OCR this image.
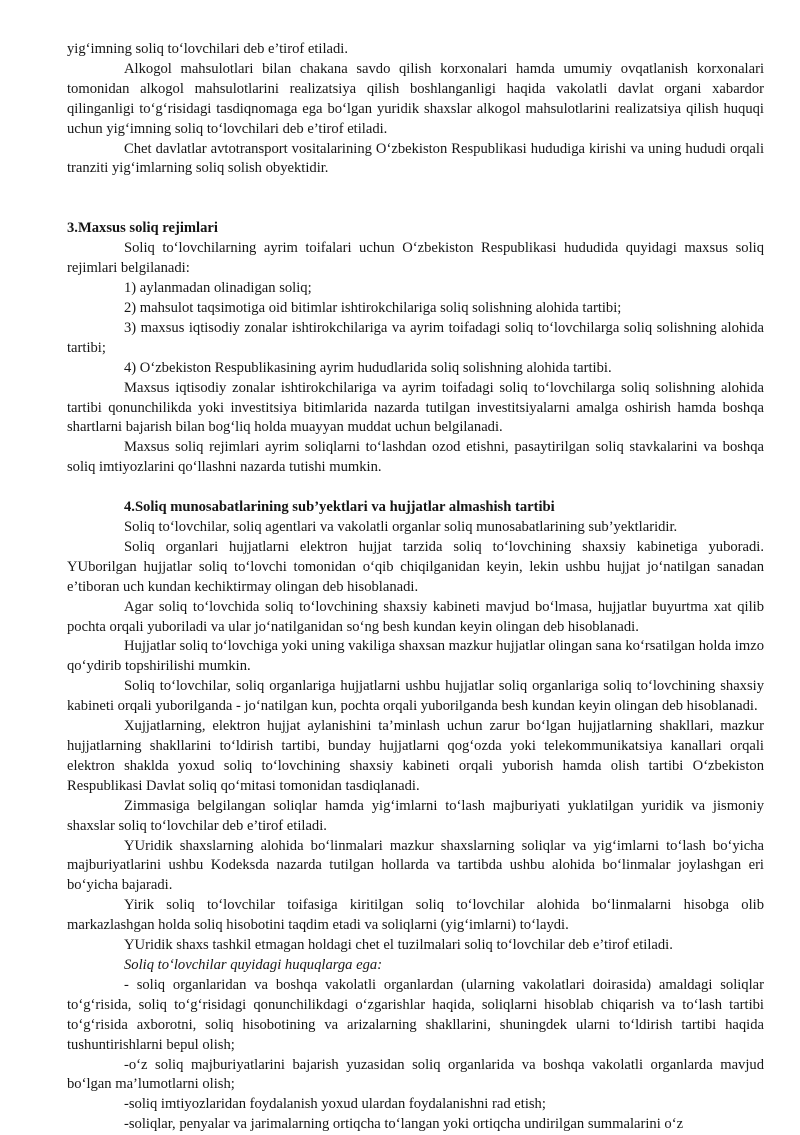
yig‘imning soliq to‘lovchilari deb e’tirof etiladi.

Alkogol mahsulotlari bilan chakana savdo qilish korxonalari hamda umumiy ovqatlanish korxonalari tomonidan alkogol mahsulotlarini realizatsiya qilish boshlanganligi haqida vakolatli davlat organi xabardor qilinganligi to‘g‘risidagi tasdiqnomaga ega bo‘lgan yuridik shaxslar alkogol mahsulotlarini realizatsiya qilish huquqi uchun yig‘imning soliq to‘lovchilari deb e’tirof etiladi.

Chet davlatlar avtotransport vositalarining O‘zbekiston Respublikasi hududiga kirishi va uning hududi orqali tranziti yig‘imlarning soliq solish obyektidir.

3.Maxsus soliq rejimlari

Soliq to‘lovchilarning ayrim toifalari uchun O‘zbekiston Respublikasi hududida quyidagi maxsus soliq rejimlari belgilanadi:

1) aylanmadan olinadigan soliq;

2) mahsulot taqsimotiga oid bitimlar ishtirokchilariga soliq solishning alohida tartibi;

3) maxsus iqtisodiy zonalar ishtirokchilariga va ayrim toifadagi soliq to‘lovchilarga soliq solishning alohida tartibi;

4) O‘zbekiston Respublikasining ayrim hududlarida soliq solishning alohida tartibi.

Maxsus iqtisodiy zonalar ishtirokchilariga va ayrim toifadagi soliq to‘lovchilarga soliq solishning alohida tartibi qonunchilikda yoki investitsiya bitimlarida nazarda tutilgan investitsiyalarni amalga oshirish hamda boshqa shartlarni bajarish bilan bog‘liq holda muayyan muddat uchun belgilanadi.

Maxsus soliq rejimlari ayrim soliqlarni to‘lashdan ozod etishni, pasaytirilgan soliq stavkalarini va boshqa soliq imtiyozlarini qo‘llashni nazarda tutishi mumkin.

4.Soliq munosabatlarining sub’yektlari va hujjatlar almashish tartibi

Soliq to‘lovchilar, soliq agentlari va vakolatli organlar soliq munosabatlarining sub’yektlaridir.

Soliq organlari hujjatlarni elektron hujjat tarzida soliq to‘lovchining shaxsiy kabinetiga yuboradi. YUborilgan hujjatlar soliq to‘lovchi tomonidan o‘qib chiqilganidan keyin, lekin ushbu hujjat jo‘natilgan sanadan e’tiboran uch kundan kechiktirmay olingan deb hisoblanadi.

Agar soliq to‘lovchida soliq to‘lovchining shaxsiy kabineti mavjud bo‘lmasa, hujjatlar buyurtma xat qilib pochta orqali yuboriladi va ular jo‘natilganidan so‘ng besh kundan keyin olingan deb hisoblanadi.

Hujjatlar soliq to‘lovchiga yoki uning vakiliga shaxsan mazkur hujjatlar olingan sana ko‘rsatilgan holda imzo qo‘ydirib topshirilishi mumkin.

Soliq to‘lovchilar, soliq organlariga hujjatlarni ushbu hujjatlar soliq organlariga soliq to‘lovchining shaxsiy kabineti orqali yuborilganda - jo‘natilgan kun, pochta orqali yuborilganda besh kundan keyin olingan deb hisoblanadi.

Xujjatlarning, elektron hujjat aylanishini ta’minlash uchun zarur bo‘lgan hujjatlarning shakllari, mazkur hujjatlarning shakllarini to‘ldirish tartibi, bunday hujjatlarni qog‘ozda yoki telekommunikatsiya kanallari orqali elektron shaklda yoxud soliq to‘lovchining shaxsiy kabineti orqali yuborish hamda olish tartibi O‘zbekiston Respublikasi Davlat soliq qo‘mitasi tomonidan tasdiqlanadi.

Zimmasiga belgilangan soliqlar hamda yig‘imlarni to‘lash majburiyati yuklatilgan yuridik va jismoniy shaxslar soliq to‘lovchilar deb e’tirof etiladi.

YUridik shaxslarning alohida bo‘linmalari mazkur shaxslarning soliqlar va yig‘imlarni to‘lash bo‘yicha majburiyatlarini ushbu Kodeksda nazarda tutilgan hollarda va tartibda ushbu alohida bo‘linmalar joylashgan eri bo‘yicha bajaradi.

Yirik soliq to‘lovchilar toifasiga kiritilgan soliq to‘lovchilar alohida bo‘linmalarni hisobga olib markazlashgan holda soliq hisobotini taqdim etadi va soliqlarni (yig‘imlarni) to‘laydi.

YUridik shaxs tashkil etmagan holdagi chet el tuzilmalari soliq to‘lovchilar deb e’tirof etiladi.

Soliq to‘lovchilar quyidagi huquqlarga ega:

- soliq organlaridan va boshqa vakolatli organlardan (ularning vakolatlari doirasida) amaldagi soliqlar to‘g‘risida, soliq to‘g‘risidagi qonunchilikdagi o‘zgarishlar haqida, soliqlarni hisoblab chiqarish va to‘lash tartibi to‘g‘risida axborotni, soliq hisobotining va arizalarning shakllarini, shuningdek ularni to‘ldirish tartibi haqida tushuntirishlarni bepul olish;

-o‘z soliq majburiyatlarini bajarish yuzasidan soliq organlarida va boshqa vakolatli organlarda mavjud bo‘lgan ma’lumotlarni olish;

-soliq imtiyozlaridan foydalanish yoxud ulardan foydalanishni rad etish;

-soliqlar, penyalar va jarimalarning ortiqcha to‘langan yoki ortiqcha undirilgan summalarini o‘z
